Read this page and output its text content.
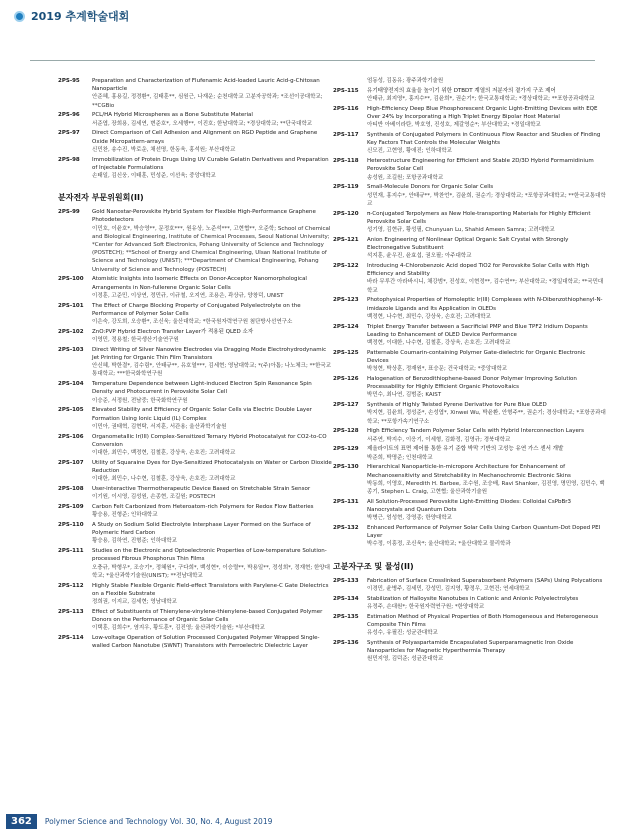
2019 추계학술대회
2PS-95	Preparation and Characterization of Flufenamic Acid-loaded Lauric Acid-g-Chitosan Nanoparticle
안준혜, 홍용길, 정경환*, 김태훈**, 심원근, 나재운; 순천대학교 고분자공학과; *조선이공대학교; **CGBio
2PS-96	PCL/HA Hybrid Microspheres as a Bone Substitute Material
서준엽, 장희용, 김세연, 변준호*, 오세행**, 이진호; 한남대학교; *경상대학교; **단국대학교
2PS-97	Direct Comparison of Cell Adhesion and Alignment on RGD Peptide and Graphene Oxide Micropattern-arrays
신민찬, 송수진, 박로운, 채선명, 한동욱, 홍석원; 부산대학교
2PS-98	Immobilization of Protein Drugs Using UV Curable Gelatin Derivatives and Preparation of Injectable Formulations
손태일, 김신웅, 이태훈, 민성준, 이선욱; 중앙대학교
분자전자 부문위원회(II)
2PS-99	Gold Nanostar-Perovskite Hybrid System for Flexible High-Performance Graphene Photodetectors
이민호, 이윤호*, 박승영**, 문정호***, 원유상, 노준석***, 고현협**, 오준학; School of Chemical and Biological Engineering, Institute of Chemical Processes, Seoul National University; *Center for Advanced Soft Electronics, Pohang University of Science and Technology (POSTECH); **School of Energy and Chemical Engineering, Ulsan National Institute of Science and Technology (UNIST); ***Department of Chemical Engineering, Pohang University of Science and Technology (POSTECH)
2PS-100	Atomistic Insights into Isomeric Effects on Donor-Acceptor Nanomorphological Arrangements in Non-fullerene Organic Solar Cells
이정훈, 고준민, 이상연, 정민규, 이규철, 오지연, 조용은, 곽상규, 양창덕, UNIST
2PS-101	The Effect of Charge Blocking Property of Conjugated Polyelectrolyte on the Performance of Polymer Solar Cells
이은숙, 강도희, 오승환*, 조신욱; 울산대학교; *한국원자력연구원 첨단방사선연구소
2PS-102	ZnO:PVP Hybrid Electron Transfer Layer가 적용된 QLED 소자
이영민, 정용철; 한국생산기술연구원
2PS-103	Direct Writing of Silver Nanowire Electrodes via Dragging Mode Electrohydrodynamic Jet Printing for Organic Thin Film Transistors
안신혜, 박한결*, 김수림*, 안태규**, 유호열***, 김세현; 영남대학교; *(주)아톰; 나노체크; **한국교통대학교; ***한국화학연구원
2PS-104	Temperature Dependence between Light-induced Electron Spin Resonance Spin Density and Photocurrent in Perovskite Solar Cell
이승준, 서정원, 전남중; 한국화학연구원
2PS-105	Elevated Stability and Efficiency of Organic Solar Cells via Electric Double Layer Formation Using Ionic Liquid (IL) Complex
이민아, 권태혁, 김현탁, 서지훈, 서관용; 울산과학기술원
2PS-106	Organometallic Ir(III) Complex-Sensitized Ternary Hybrid Photocatalyst for CO2-to-CO Conversion
이대한, 최민수, 백정현, 김철훈, 강상욱, 손호진; 고려대학교
2PS-107	Utility of Squaraine Dyes for Dye-Sensitized Photocatalysis on Water or Carbon Dioxide Reduction
이대한, 최민수, 나수현, 김철훈, 강상욱, 손호진; 고려대학교
2PS-108	User-interactive Thermotherapeutic Device Based on Stretchable Strain Sensor
이기원, 이시영, 김성원, 손종현, 조길원; POSTECH
2PS-109	Carbon Felt Carbonized from Heteroatom-rich Polymers for Redox Flow Batteries
황승용, 진형준; 인하대학교
2PS-110	A Study on Sodium Solid Electrolyte Interphase Layer Formed on the Surface of Polymeric Hard Carbon
황승용, 김하연, 진형준; 인하대학교
2PS-111	Studies on the Electronic and Optoelectronic Properties of Low-temperature Solution-processed Fibrous Phosphorus Thin Films
오충규, 박형우*, 조승기*, 정혜원*, 구다희*, 백성현*, 이승렬**, 박용일**, 정성희*, 정재현; 한양대학교; *울산과학기술원(UNIST); **전남대학교
2PS-112	Highly Stable Flexible Organic Field-effect Transistors with Parylene-C Gate Dielectrics on a Flexible Substrate
정희권, 이지교, 김세현; 영남대학교
2PS-113	Effect of Substituents of Thienylene-vinylene-thienylene-based Conjugated Polymer Donors on the Performance of Organic Solar Cells
이택훈, 김희수*, 염지우, 황도훈*, 김진영; 울산과학기술원; *부산대학교
2PS-114	Low-voltage Operation of Solution Processed Conjugated Polymer Wrapped Single-walled Carbon Nanotube (SWNT) Transistors with Ferroelectric Dielectric Layer
엄동성, 김동유; 광주과학기술원
2PS-115	유기태양전지의 효율을 높이기 위한 DTBDT 계열의 저분자의 곁가지 구조 제어
안태규, 최지영*, 홍지수**, 김윤희*, 권순기*; 한국교통대학교; *경상대학교; **포항공과대학교
2PS-116	High-Efficiency Deep Blue Phosphorescent Organic Light-Emitting Devices with EQE Over 24% by Incorporating a High Triplet Energy Bipolar Host Material
아티반 아베이라탄, 박호영, 진성호, 제갈영순*; 부산대학교; *경일대학교
2PS-117	Synthesis of Conjugated Polymers in Continuous Flow Reactor and Studies of Finding Key Factors That Controls the Molecular Weights
신모진, 고현영, 황애진; 인하대학교
2PS-118	Heterostructure Engineering for Efficient and Stable 2D/3D Hybrid Formamidinium Perovskite Solar Cell
송성원, 조길원; 포항공과대학교
2PS-119	Small-Molecule Donors for Organic Solar Cells
성민재, 홍지수*, 안태규**, 박찬언*, 김윤희, 권순기; 경상대학교; *포항공과대학교; **한국교통대학교
2PS-120	π-Conjugated Terpolymers as New Hole-transporting Materials for Highly Efficient Perovskite Solar Cells
성기영, 김현규, 황성필, Chunyuan Lu, Shahid Ameen Samra; 고려대학교
2PS-121	Anion Engineering of Nonlinear Optical Organic Salt Crystal with Strongly Electronegative Substituent
석지훈, 윤우진, 윤효섭, 권오필; 아주대학교
2PS-122	Introducing 4-Chlorobenzoic Acid doped TiO2 for Perovskite Solar Cells with High Efficiency and Stability
바라 무루간 아라바시니, 채강범*, 진성호, 이현정**, 김수연**; 부산대학교; *경일대학교; **국민대학교
2PS-123	Photophysical Properties of Homoleptic Ir(III) Complexes with N-Dibenzothiophenyl-N-imidazole Ligands and Its Application in OLEDs
백정현, 나수현, 최민수, 강상욱, 손호진; 고려대학교
2PS-124	Triplet Energy Transfer between a Sacrificial PMP and Blue TPF2 Iridium Dopants Leading to Enhancement of OLED Device Performance
백정현, 이대한, 나수현, 김철훈, 강상욱, 손호진; 고려대학교
2PS-125	Patternable Coumarin-containing Polymer Gate-dielectric for Organic Electronic Devices
박청현, 박상훈, 정재원*, 표승문; 건국대학교; *중앙대학교
2PS-126	Halogenation of Benzodithiophene-based Donor Polymer Improving Solution Processability for Highly Efficient Organic Photovoltaics
박민수, 최나연, 김범준; KAIST
2PS-127	Synthesis of Highly Twisted Pyrene Derivative for Pure Blue OLED
박지현, 김윤희, 정성준*, 손성엽*, Xinwei Wu, 박윤환, 안형주**, 권순기; 경상대학교; *포항공과대학교; **포항가속기연구소
2PS-128	High Efficiency Tandem Polymer Solar Cells with Hybrid Interconnection Layers
서주연, 박지수, 이응기, 이세형, 김화정, 김영규; 경북대학교
2PS-129	제올라이트의 표면 제어를 통한 유기 준합 박막 기반의 고성능 유연 가스 센서 개발
박준희, 박명준; 인천대학교
2PS-130	Hierarchical Nanoparticle-in-micropore Architecture for Enhancement of Mechanosensitivity and Stretchability in Mechanochromic Electronic Skins
박동희, 이영호, Meredith H. Barbee, 조수원, 조승배, Ravi Shanker, 김진영, 명민영, 김민수, 백종기, Stephen L. Craig, 고현협; 울산과학기술원
2PS-131	All Solution-Processed Perovskite Light-Emitting Diodes: Colloidal CsPbBr3 Nanocrystals and Quantum Dots
박병근, 엄성현, 강영종; 한양대학교
2PS-132	Enhanced Performance of Polymer Solar Cells Using Carbon Quantum-Dot Doped PEI Layer
박수정, 이흥정, 조신욱*; 울산대학교; *울산대학교 물리학과
고분자구조 및 물성(II)
2PS-133	Fabrication of Surface Crosslinked Superabsorbent Polymers (SAPs) Using Polycations
이경민, 윤병주, 김세민, 강성민, 김지영, 황정우, 고현건; 연세대학교
2PS-134	Stabilization of Halloysite Nanotubes in Cationic and Anionic Polyelectrolytes
유정주, 손대원*; 한국원자력연구원; *한양대학교
2PS-135	Estimation Method of Physical Properties of Both Homogeneous and Heterogeneous Composite Thin Films
유성수, 유필진; 성균관대학교
2PS-136	Synthesis of Polyaspartamide Encapsulated Superparamagnetic Iron Oxide Nanoparticles for Magnetic Hyperthermia Therapy
원민지영, 김덕준; 성균관대학교
362	Polymer Science and Technology Vol. 30, No. 4, August 2019
